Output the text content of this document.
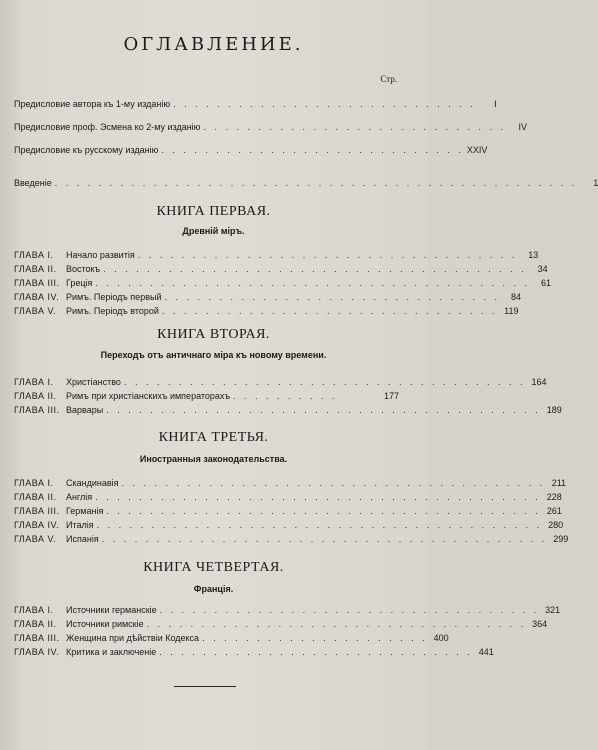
ОГЛАВЛЕНИЕ.
Стр.
Предисловие автора къ 1-му изданію . . . . . . . . . . . . . . . . . . . . . . . . . . . .	I
Предисловие проф. Эсмена ко 2-му изданію . . . . . . . . . . . . . . . . . . . . . . . . . . . .	IV
Предисловие къ русскому изданію . . . . . . . . . . . . . . . . . . . . . . . . . . . . XXIV
Введеніе . . . . . . . . . . . . . . . . . . . . . . . . . . . . . . . . . . . . . . . . . . . . . . . .	1
КНИГА ПЕРВАЯ.
Древній міръ.
ГЛАВА I. Начало развитія . . . . . . . . . . . . . . . . . . . . . . . . . . . . . . . . . . .	13
ГЛАВА II. Востокъ . . . . . . . . . . . . . . . . . . . . . . . . . . . . . . . . . . . . . . .	34
ГЛАВА III. Греція . . . . . . . . . . . . . . . . . . . . . . . . . . . . . . . . . . . . . . . .	61
ГЛАВА IV. Римъ. Періодъ первый . . . . . . . . . . . . . . . . . . . . . . . . . . . . . . .	84
ГЛАВА V. Римъ. Періодъ второй . . . . . . . . . . . . . . . . . . . . . . . . . . . . . . . 119
КНИГА ВТОРАЯ.
Переходъ отъ античнаго міра къ новому времени.
ГЛАВА I. Христіанство . . . . . . . . . . . . . . . . . . . . . . . . . . . . . . . . . . . . . 164
ГЛАВА II. Римъ при христіанскихъ императорахъ . . . . . . . . . .	177
ГЛАВА III. Варвары . . . . . . . . . . . . . . . . . . . . . . . . . . . . . . . . . . . . . . . . 189
КНИГА ТРЕТЬЯ.
Иностранныя законодательства.
ГЛАВА I. Скандинавія . . . . . . . . . . . . . . . . . . . . . . . . . . . . . . . . . . . . . . . 211
ГЛАВА II. Англія . . . . . . . . . . . . . . . . . . . . . . . . . . . . . . . . . . . . . . . . . 228
ГЛАВА III. Германія . . . . . . . . . . . . . . . . . . . . . . . . . . . . . . . . . . . . . . . . 261
ГЛАВА IV. Италія . . . . . . . . . . . . . . . . . . . . . . . . . . . . . . . . . . . . . . . . . 280
ГЛАВА V. Испанія . . . . . . . . . . . . . . . . . . . . . . . . . . . . . . . . . . . . . . . . . 299
КНИГА ЧЕТВЕРТАЯ.
Франція.
ГЛАВА I. Источники германскіе . . . . . . . . . . . . . . . . . . . . . . . . . . . . . . . . . . . 321
ГЛАВА II. Источники римскіе . . . . . . . . . . . . . . . . . . . . . . . . . . . . . . . . . . . 364
ГЛАВА III. Женщина при дѣйствіи Кодекса . . . . . . . . . . . . . . . . . . . . . 400
ГЛАВА IV. Критика и заключеніе . . . . . . . . . . . . . . . . . . . . . . . . . . . . . 441
